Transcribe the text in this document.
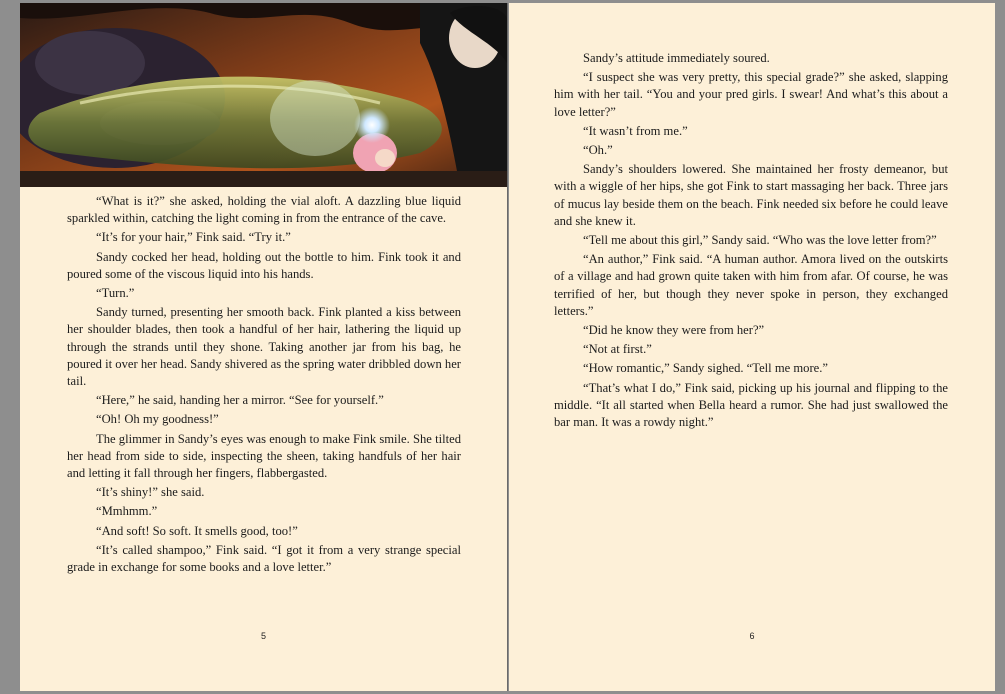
“What is it?” she asked, holding the vial aloft. A dazzling blue liquid sparkled within, catching the light coming in from the entrance of the cave.

“It’s for your hair,” Fink said. “Try it.”

Sandy cocked her head, holding out the bottle to him. Fink took it and poured some of the viscous liquid into his hands.

“Turn.”

Sandy turned, presenting her smooth back. Fink planted a kiss between her shoulder blades, then took a handful of her hair, lathering the liquid up through the strands until they shone. Taking another jar from his bag, he poured it over her head. Sandy shivered as the spring water dribbled down her tail.

“Here,” he said, handing her a mirror. “See for yourself.”

“Oh! Oh my goodness!”

The glimmer in Sandy’s eyes was enough to make Fink smile. She tilted her head from side to side, inspecting the sheen, taking handfuls of her hair and letting it fall through her fingers, flabbergasted.

“It’s shiny!” she said.

“Mmhmm.”

“And soft! So soft. It smells good, too!”

“It’s called shampoo,” Fink said. “I got it from a very strange special grade in exchange for some books and a love letter.”

5

Sandy’s attitude immediately soured.

“I suspect she was very pretty, this special grade?” she asked, slapping him with her tail. “You and your pred girls. I swear! And what’s this about a love letter?”

“It wasn’t from me.”

“Oh.”

Sandy’s shoulders lowered. She maintained her frosty demeanor, but with a wiggle of her hips, she got Fink to start massaging her back. Three jars of mucus lay beside them on the beach. Fink needed six before he could leave and she knew it.

“Tell me about this girl,” Sandy said. “Who was the love letter from?”

“An author,” Fink said. “A human author. Amora lived on the outskirts of a village and had grown quite taken with him from afar. Of course, he was terrified of her, but though they never spoke in person, they exchanged letters.”

“Did he know they were from her?”

“Not at first.”

“How romantic,” Sandy sighed. “Tell me more.”

“That’s what I do,” Fink said, picking up his journal and flipping to the middle. “It all started when Bella heard a rumor. She had just swallowed the bar man. It was a rowdy night.”

6
